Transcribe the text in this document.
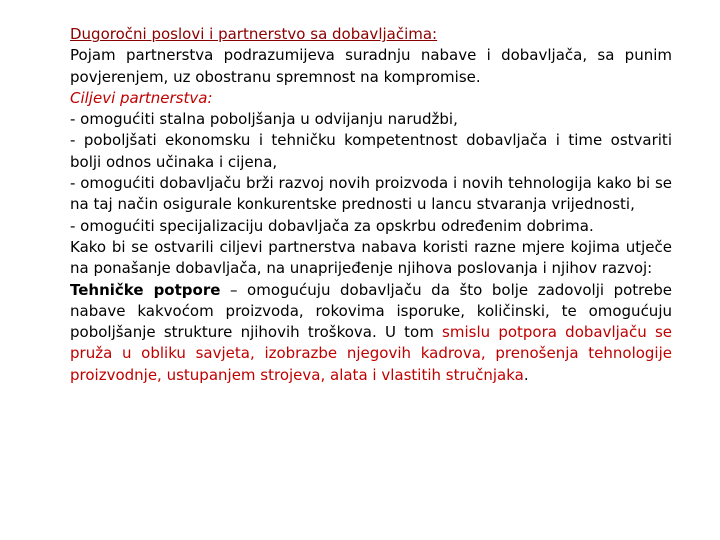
Dugoročni poslovi i partnerstvo sa dobavljačima:

Pojam partnerstva podrazumijeva suradnju nabave i dobavljača, sa punim povjerenjem, uz obostranu spremnost na kompromise.

Ciljevi partnerstva:

- omogućiti stalna poboljšanja u odvijanju narudžbi,

- poboljšati ekonomsku i tehničku kompetentnost dobavljača i time ostvariti bolji odnos učinaka i cijena,

- omogućiti dobavljaču brži razvoj novih proizvoda i novih tehnologija kako bi se na taj način osigurale konkurentske prednosti u lancu stvaranja vrijednosti,

- omogućiti specijalizaciju dobavljača za opskrbu određenim dobrima.

Kako bi se ostvarili ciljevi partnerstva nabava koristi razne mjere kojima utječe na ponašanje dobavljača, na unaprijeđenje njihova poslovanja i njihov razvoj:

Tehničke potpore – omogućuju dobavljaču da što bolje zadovolji potrebe nabave kakvoćom proizvoda, rokovima isporuke, količinski, te omogućuju poboljšanje strukture njihovih troškova. U tom smislu potpora dobavljaču se pruža u obliku savjeta, izobrazbe njegovih kadrova, prenošenja tehnologije proizvodnje, ustupanjem strojeva, alata i vlastitih stručnjaka.
